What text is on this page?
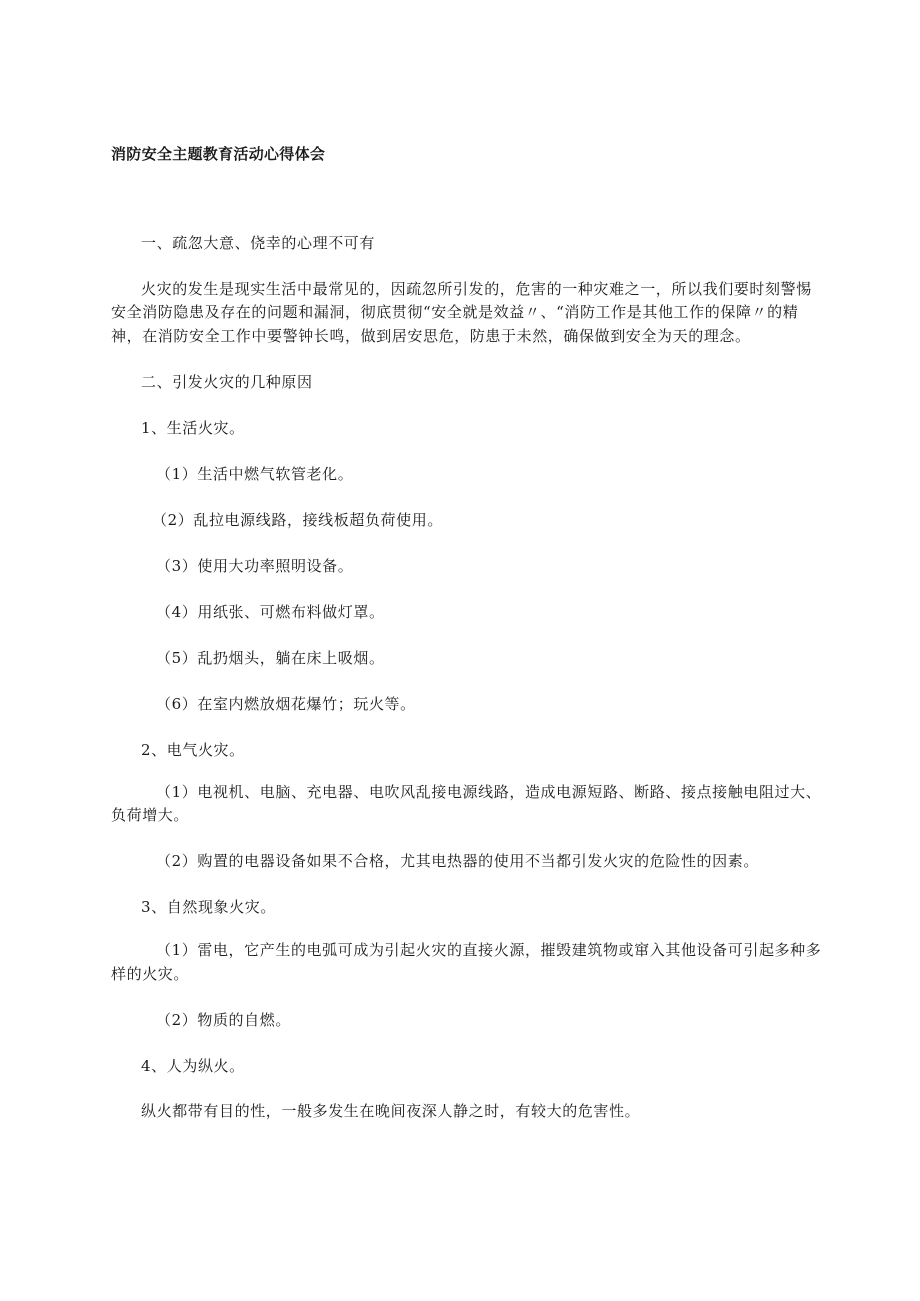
消防安全主题教育活动心得体会
一、疏忽大意、侥幸的心理不可有
火灾的发生是现实生活中最常见的，因疏忽所引发的，危害的一种灾难之一，所以我们要时刻警惕
安全消防隐患及存在的问题和漏洞，彻底贯彻“安全就是效益〃、“消防工作是其他工作的保障〃的精
神，在消防安全工作中要警钟长鸣，做到居安思危，防患于未然，确保做到安全为天的理念。
二、引发火灾的几种原因
1、生活火灾。
（1）生活中燃气软管老化。
（2）乱拉电源线路，接线板超负荷使用。
（3）使用大功率照明设备。
（4）用纸张、可燃布料做灯罩。
（5）乱扔烟头，躺在床上吸烟。
（6）在室内燃放烟花爆竹；玩火等。
2、电气火灾。
（1）电视机、电脑、充电器、电吹风乱接电源线路，造成电源短路、断路、接点接触电阻过大、
负荷增大。
（2）购置的电器设备如果不合格，尤其电热器的使用不当都引发火灾的危险性的因素。
3、自然现象火灾。
（1）雷电，它产生的电弧可成为引起火灾的直接火源，摧毁建筑物或窜入其他设备可引起多种多
样的火灾。
（2）物质的自燃。
4、人为纵火。
纵火都带有目的性，一般多发生在晚间夜深人静之时，有较大的危害性。
